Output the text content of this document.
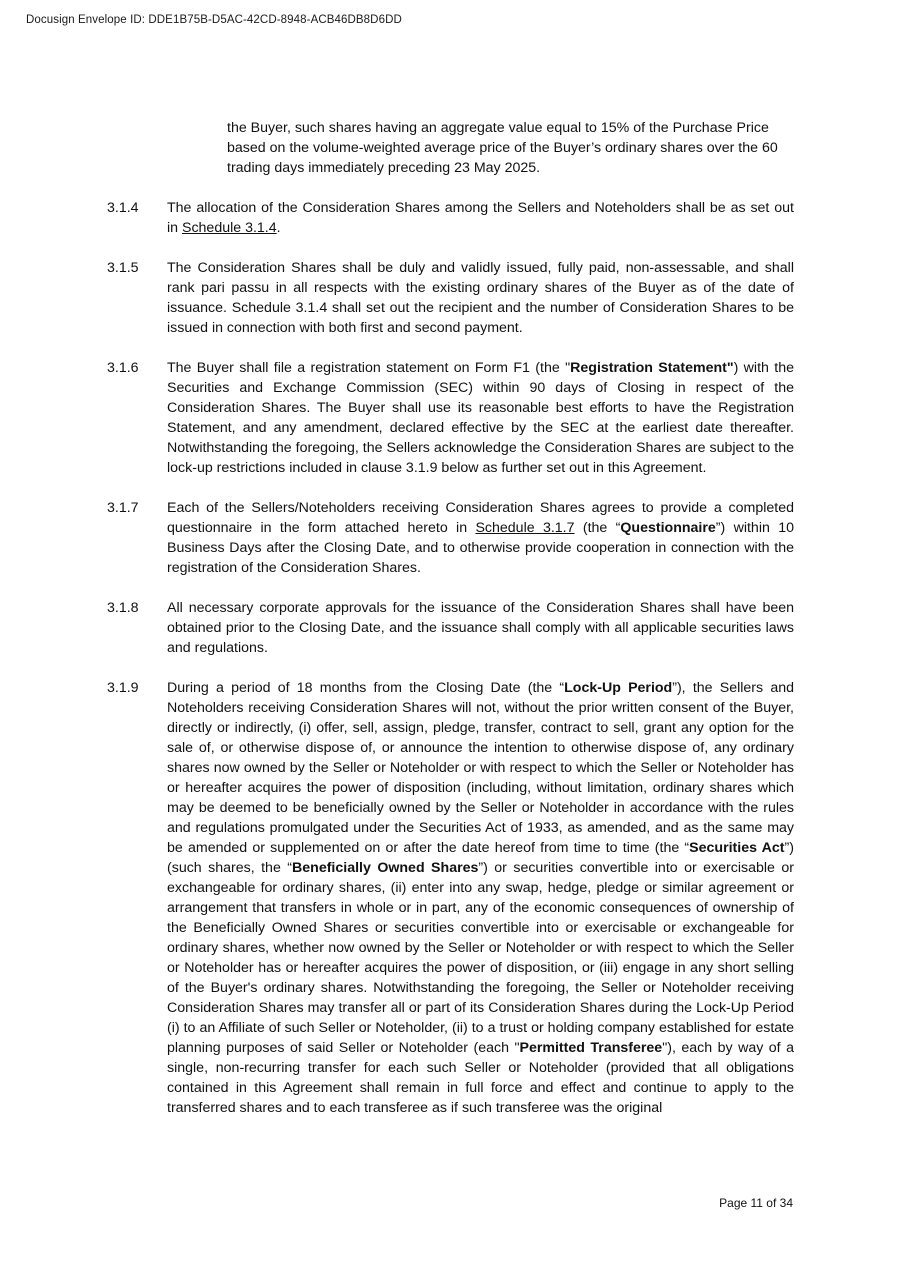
Docusign Envelope ID: DDE1B75B-D5AC-42CD-8948-ACB46DB8D6DD
the Buyer, such shares having an aggregate value equal to 15% of the Purchase Price based on the volume-weighted average price of the Buyer’s ordinary shares over the 60 trading days immediately preceding 23 May 2025.
3.1.4	The allocation of the Consideration Shares among the Sellers and Noteholders shall be as set out in Schedule 3.1.4.
3.1.5	The Consideration Shares shall be duly and validly issued, fully paid, non-assessable, and shall rank pari passu in all respects with the existing ordinary shares of the Buyer as of the date of issuance. Schedule 3.1.4 shall set out the recipient and the number of Consideration Shares to be issued in connection with both first and second payment.
3.1.6	The Buyer shall file a registration statement on Form F1 (the "Registration Statement") with the Securities and Exchange Commission (SEC) within 90 days of Closing in respect of the Consideration Shares. The Buyer shall use its reasonable best efforts to have the Registration Statement, and any amendment, declared effective by the SEC at the earliest date thereafter. Notwithstanding the foregoing, the Sellers acknowledge the Consideration Shares are subject to the lock-up restrictions included in clause 3.1.9 below as further set out in this Agreement.
3.1.7	Each of the Sellers/Noteholders receiving Consideration Shares agrees to provide a completed questionnaire in the form attached hereto in Schedule 3.1.7 (the “Questionnaire”) within 10 Business Days after the Closing Date, and to otherwise provide cooperation in connection with the registration of the Consideration Shares.
3.1.8	All necessary corporate approvals for the issuance of the Consideration Shares shall have been obtained prior to the Closing Date, and the issuance shall comply with all applicable securities laws and regulations.
3.1.9	During a period of 18 months from the Closing Date (the “Lock-Up Period”), the Sellers and Noteholders receiving Consideration Shares will not, without the prior written consent of the Buyer, directly or indirectly, (i) offer, sell, assign, pledge, transfer, contract to sell, grant any option for the sale of, or otherwise dispose of, or announce the intention to otherwise dispose of, any ordinary shares now owned by the Seller or Noteholder or with respect to which the Seller or Noteholder has or hereafter acquires the power of disposition (including, without limitation, ordinary shares which may be deemed to be beneficially owned by the Seller or Noteholder in accordance with the rules and regulations promulgated under the Securities Act of 1933, as amended, and as the same may be amended or supplemented on or after the date hereof from time to time (the “Securities Act”) (such shares, the “Beneficially Owned Shares”) or securities convertible into or exercisable or exchangeable for ordinary shares, (ii) enter into any swap, hedge, pledge or similar agreement or arrangement that transfers in whole or in part, any of the economic consequences of ownership of the Beneficially Owned Shares or securities convertible into or exercisable or exchangeable for ordinary shares, whether now owned by the Seller or Noteholder or with respect to which the Seller or Noteholder has or hereafter acquires the power of disposition, or (iii) engage in any short selling of the Buyer's ordinary shares. Notwithstanding the foregoing, the Seller or Noteholder receiving Consideration Shares may transfer all or part of its Consideration Shares during the Lock-Up Period (i) to an Affiliate of such Seller or Noteholder, (ii) to a trust or holding company established for estate planning purposes of said Seller or Noteholder (each "Permitted Transferee"), each by way of a single, non-recurring transfer for each such Seller or Noteholder (provided that all obligations contained in this Agreement shall remain in full force and effect and continue to apply to the transferred shares and to each transferee as if such transferee was the original
Page 11 of 34
